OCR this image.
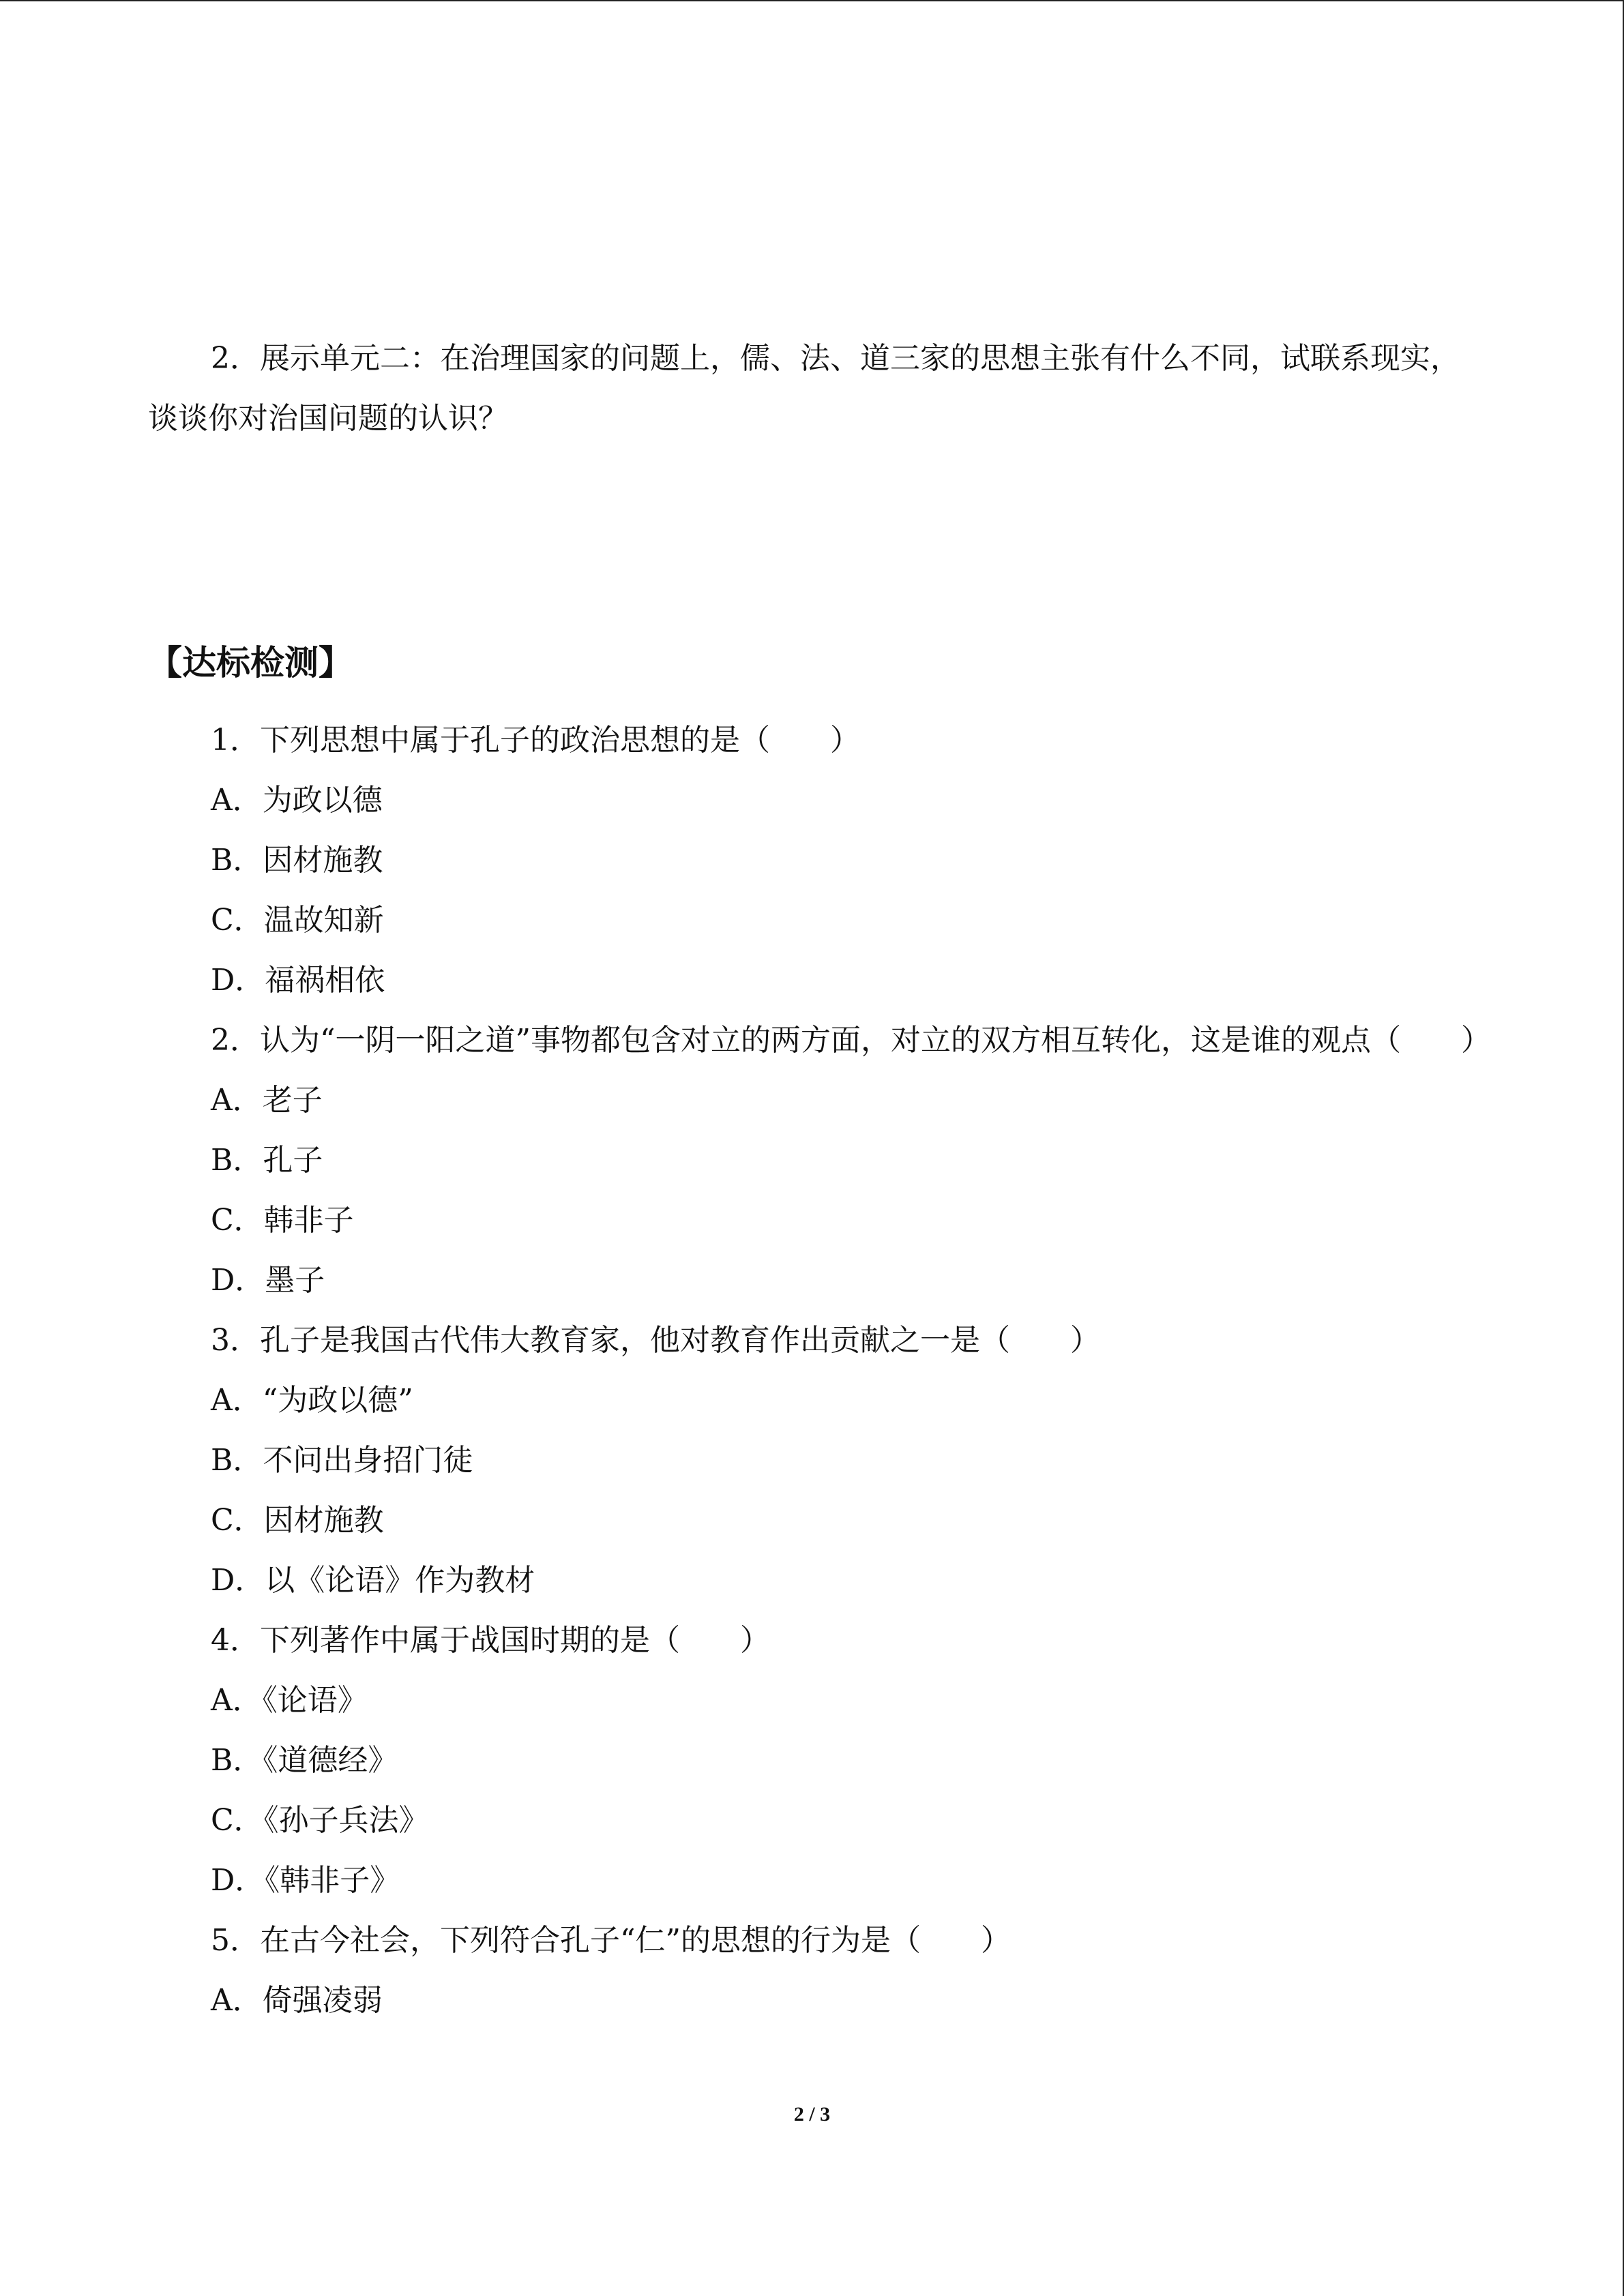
2．展示单元二：在治理国家的问题上，儒、法、道三家的思想主张有什么不同，试联系现实，谈谈你对治国问题的认识？

【达标检测】

1．下列思想中属于孔子的政治思想的是（　　）

A．为政以德

B．因材施教

C．温故知新

D．福祸相依

2．认为“一阴一阳之道”事物都包含对立的两方面，对立的双方相互转化，这是谁的观点（　　）

A．老子

B．孔子

C．韩非子

D．墨子

3．孔子是我国古代伟大教育家，他对教育作出贡献之一是（　　）

A．“为政以德”

B．不问出身招门徒

C．因材施教

D．以《论语》作为教材

4．下列著作中属于战国时期的是（　　）

A．《论语》

B．《道德经》

C．《孙子兵法》

D．《韩非子》

5．在古今社会，下列符合孔子“仁”的思想的行为是（　　）

A．倚强凌弱

2 / 3
